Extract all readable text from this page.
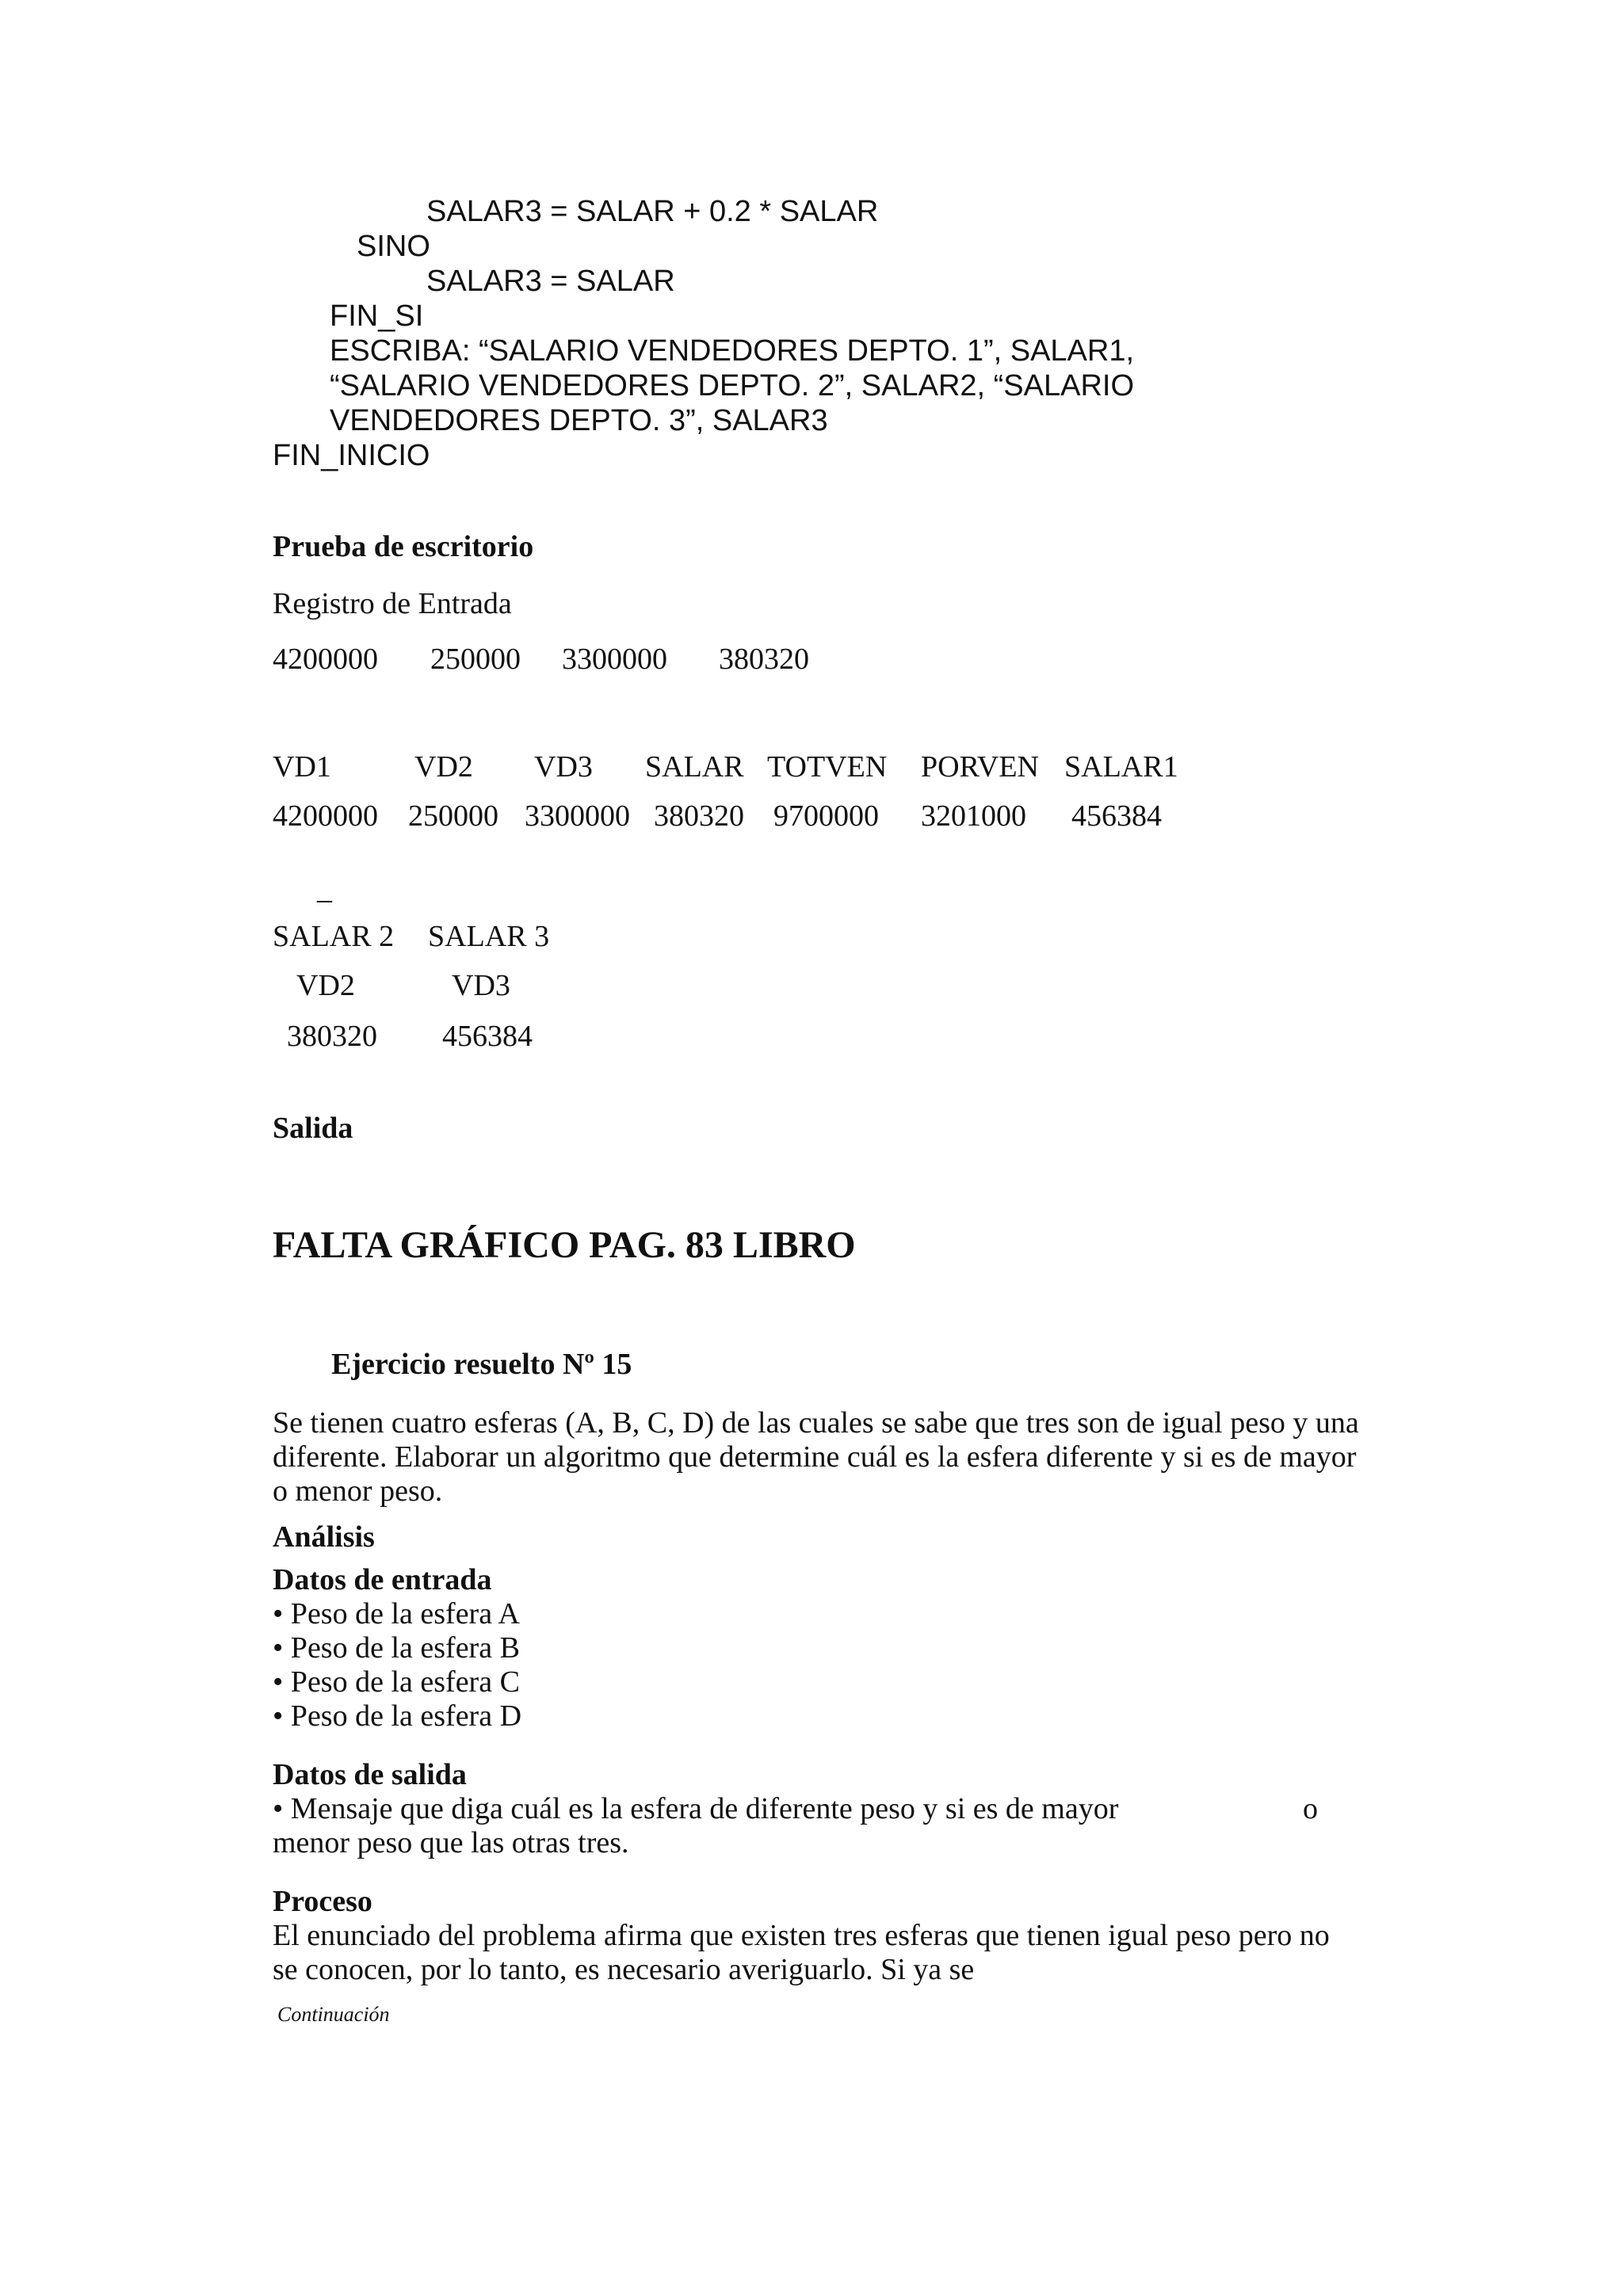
SALAR3 = SALAR + 0.2 * SALAR
SINO
SALAR3 = SALAR
FIN_SI
ESCRIBA: “SALARIO VENDEDORES DEPTO. 1”, SALAR1,
“SALARIO VENDEDORES DEPTO. 2”, SALAR2, “SALARIO
VENDEDORES DEPTO. 3”, SALAR3
FIN_INICIO
Prueba de escritorio
Registro de Entrada
4200000 250000 3300000 380320
VD1	VD2 VD3 SALAR TOTVEN PORVEN SALAR1
4200000 250000 3300000 380320 9700000 3201000 456384
_
SALAR 2 SALAR 3
VD2	VD3
380320 456384
Salida
FALTA GRÁFICO PAG. 83 LIBRO
Ejercicio resuelto Nº 15
Se tienen cuatro esferas (A, B, C, D) de las cuales se sabe que tres son de igual peso y una
diferente. Elaborar un algoritmo que determine cuál es la esfera diferente y si es de mayor
o menor peso.
Análisis
Datos de entrada
• Peso de la esfera A
• Peso de la esfera B
• Peso de la esfera C
• Peso de la esfera D
Datos de salida
• Mensaje que diga cuál es la esfera de diferente peso y si es de mayor	o
menor peso que las otras tres.
Proceso
El enunciado del problema afirma que existen tres esferas que tienen igual peso pero no
se conocen, por lo tanto, es necesario averiguarlo. Si ya se
Continuación
